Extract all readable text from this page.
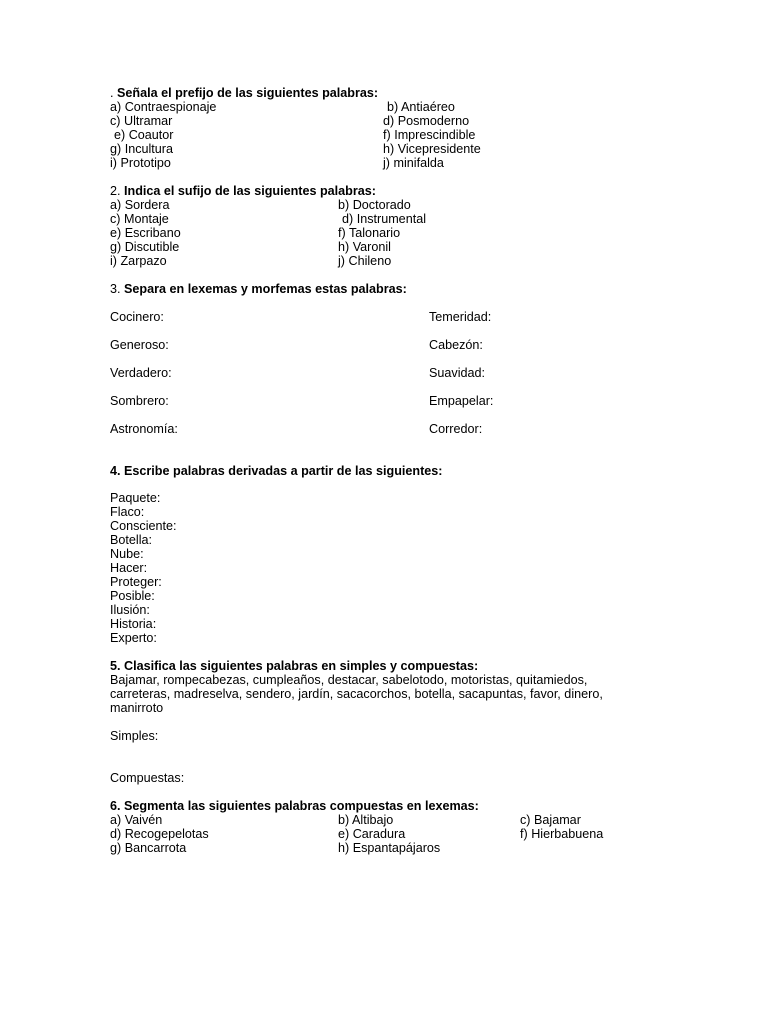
. Señala el prefijo de las siguientes palabras:
a) Contraespionaje	b) Antiaéreo
c) Ultramar	d) Posmoderno
e) Coautor	f) Imprescindible
g) Incultura	h) Vicepresidente
i) Prototipo	j) minifalda
2. Indica el sufijo de las siguientes palabras:
a) Sordera	b) Doctorado
c) Montaje	d) Instrumental
e) Escribano	f) Talonario
g) Discutible	h) Varonil
i) Zarpazo	j) Chileno
3. Separa en lexemas y morfemas estas palabras:
Cocinero:	Temeridad:
Generoso:	Cabezón:
Verdadero:	Suavidad:
Sombrero:	Empapelar:
Astronomía:	Corredor:
4. Escribe palabras derivadas a partir de las siguientes:
Paquete:
Flaco:
Consciente:
Botella:
Nube:
Hacer:
Proteger:
Posible:
Ilusión:
Historia:
Experto:
5. Clasifica las siguientes palabras en simples y compuestas:
Bajamar, rompecabezas, cumpleaños, destacar, sabelotodo, motoristas, quitamiedos,
carreteras, madreselva, sendero, jardín, sacacorchos, botella, sacapuntas, favor, dinero,
manirroto
Simples:
Compuestas:
6. Segmenta las siguientes palabras compuestas en lexemas:
a) Vaivén	b) Altibajo	c) Bajamar
d) Recogepelotas	e) Caradura	f) Hierbabuena
g) Bancarrota	h) Espantapájaros
